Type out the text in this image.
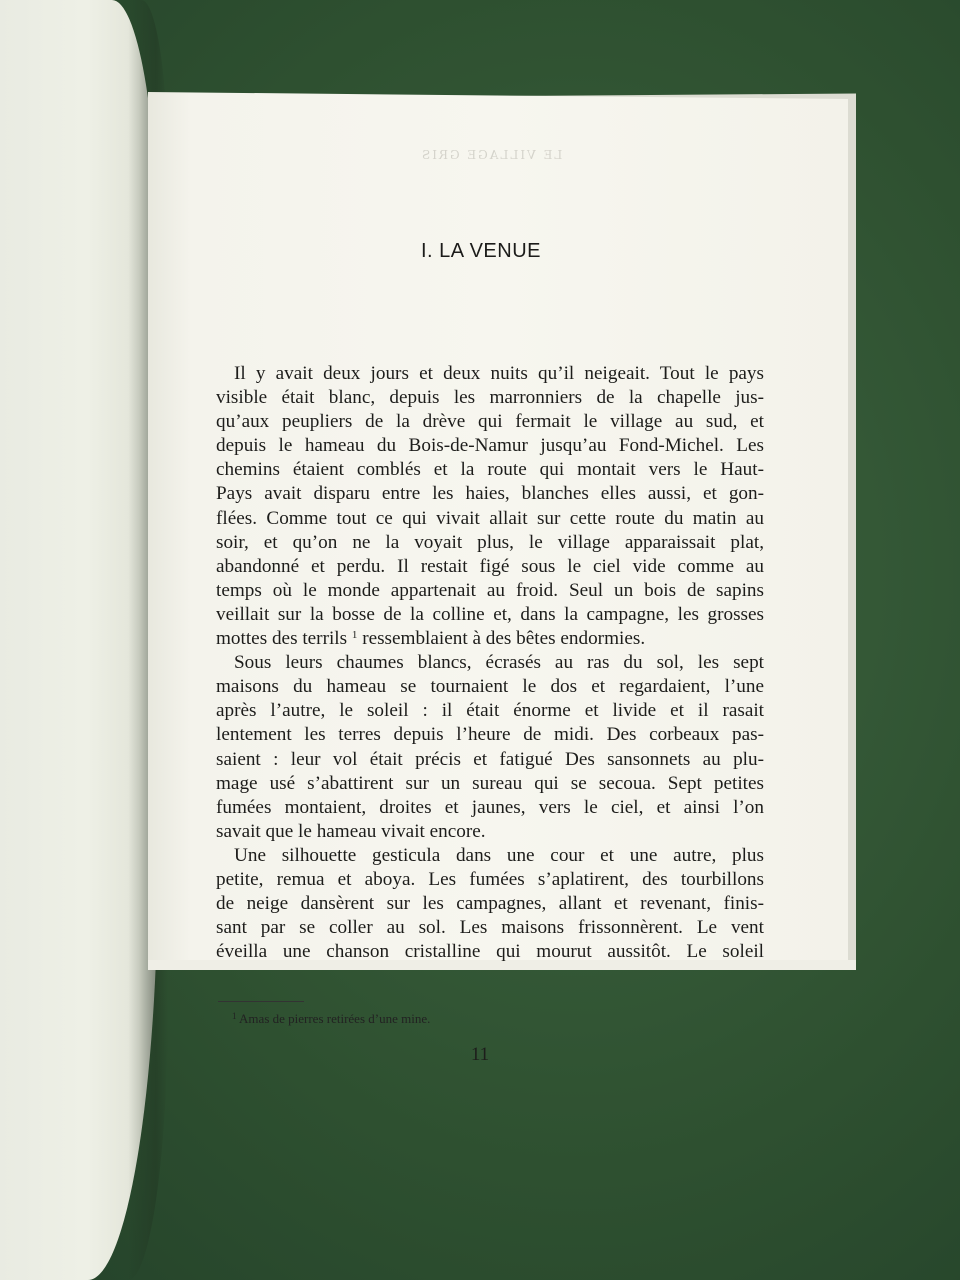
LE VILLAGE GRIS
I. LA VENUE
Il y avait deux jours et deux nuits qu’il neigeait. Tout le pays
visible était blanc, depuis les marronniers de la chapelle jus-
qu’aux peupliers de la drève qui fermait le village au sud, et
depuis le hameau du Bois-de-Namur jusqu’au Fond-Michel. Les
chemins étaient comblés et la route qui montait vers le Haut-
Pays avait disparu entre les haies, blanches elles aussi, et gon-
flées. Comme tout ce qui vivait allait sur cette route du matin au
soir, et qu’on ne la voyait plus, le village apparaissait plat,
abandonné et perdu. Il restait figé sous le ciel vide comme au
temps où le monde appartenait au froid. Seul un bois de sapins
veillait sur la bosse de la colline et, dans la campagne, les grosses
mottes des terrils $^1$ ressemblaient à des bêtes endormies.
Sous leurs chaumes blancs, écrasés au ras du sol, les sept
maisons du hameau se tournaient le dos et regardaient, l’une
après l’autre, le soleil : il était énorme et livide et il rasait
lentement les terres depuis l’heure de midi. Des corbeaux pas-
saient : leur vol était précis et fatigué Des sansonnets au plu-
mage usé s’abattirent sur un sureau qui se secoua. Sept petites
fumées montaient, droites et jaunes, vers le ciel, et ainsi l’on
savait que le hameau vivait encore.
Une silhouette gesticula dans une cour et une autre, plus
petite, remua et aboya. Les fumées s’aplatirent, des tourbillons
de neige dansèrent sur les campagnes, allant et revenant, finis-
sant par se coller au sol. Les maisons frissonnèrent. Le vent
éveilla une chanson cristalline qui mourut aussitôt. Le soleil
$^1$ Amas de pierres retirées d’une mine.
11
